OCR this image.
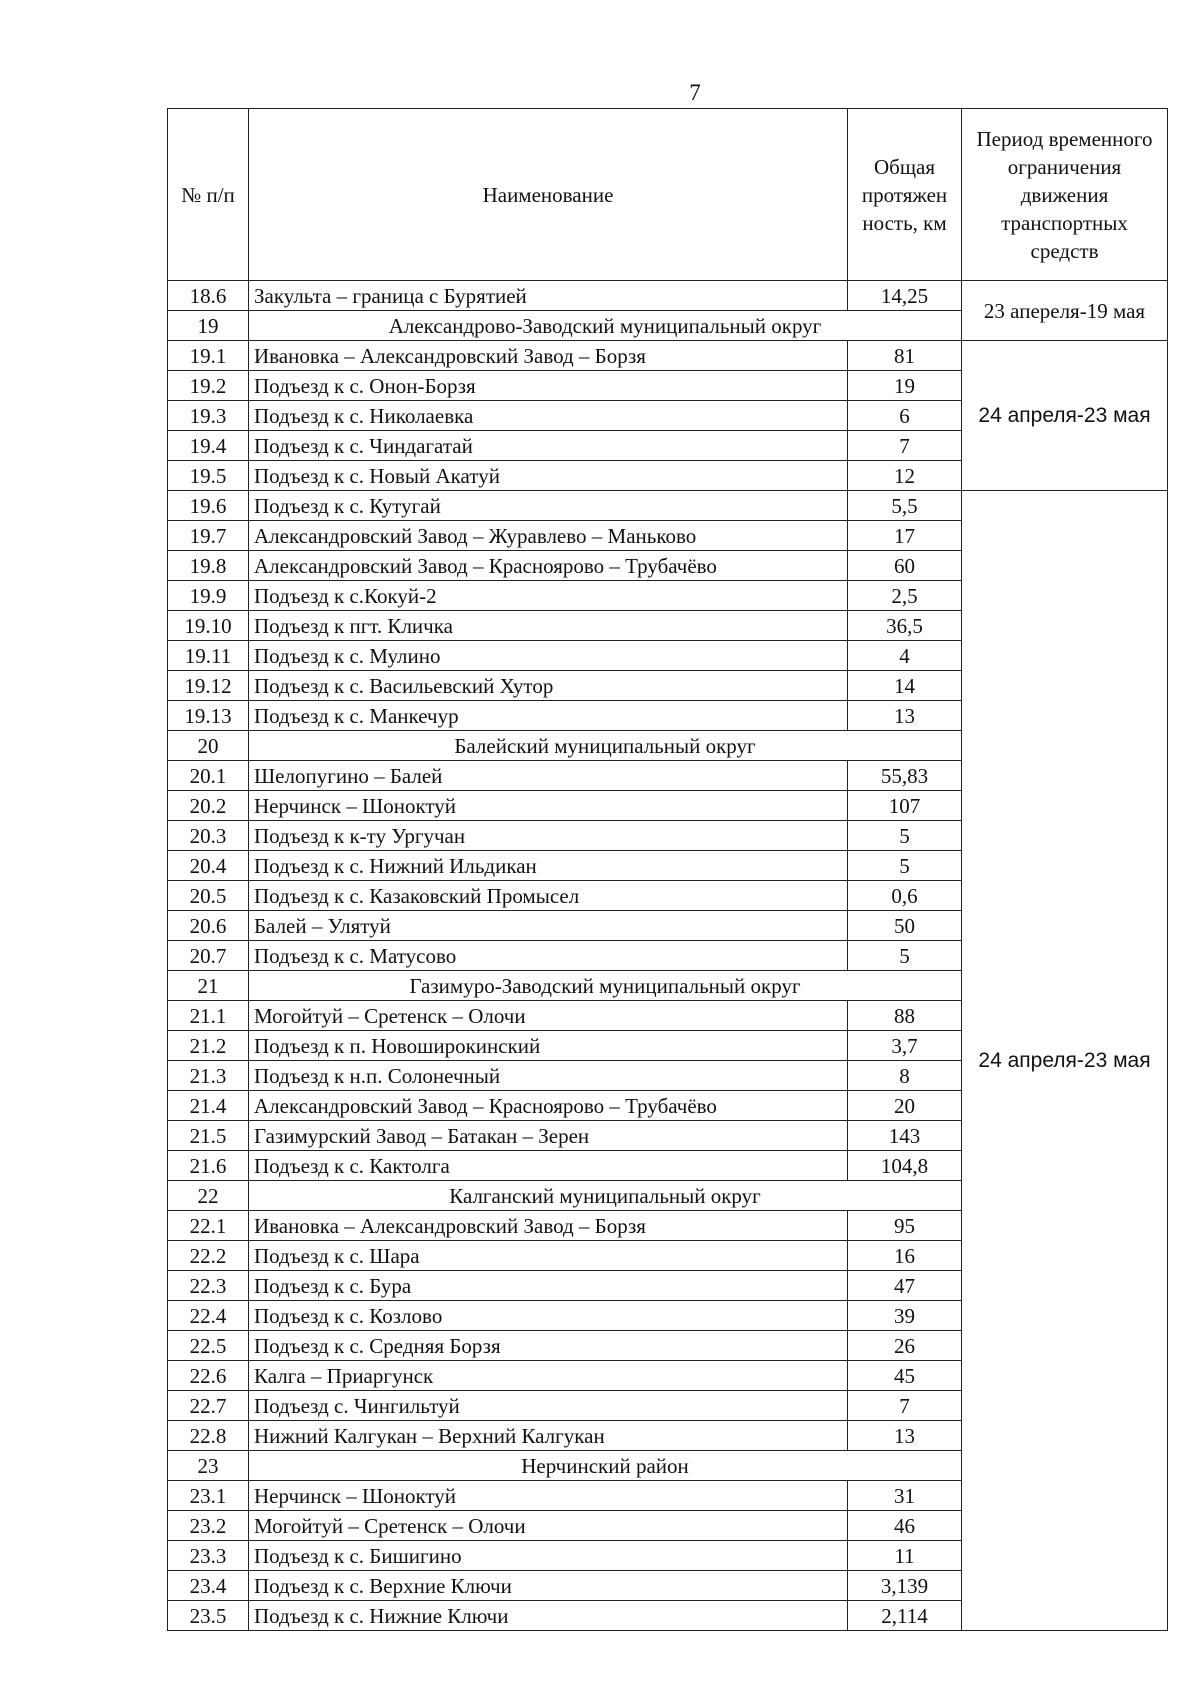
7
№ п/п	Наименование	Общая протяжен ность, км	Период временного ограничения движения транспортных средств
18.6	Закульта – граница с Бурятией	14,25	23 апереля-19 мая
19	Александрово-Заводский муниципальный округ		
19.1	Ивановка – Александровский Завод – Борзя	81	24 апреля-23 мая
19.2	Подъезд к с. Онон-Борзя	19	
19.3	Подъезд к с. Николаевка	6	
19.4	Подъезд к с. Чиндагатай	7	
19.5	Подъезд к с. Новый Акатуй	12	
19.6	Подъезд к с. Кутугай	5,5	24 апреля-23 мая
19.7	Александровский Завод – Журавлево – Маньково	17	
19.8	Александровский Завод – Красноярово – Трубачёво	60	
19.9	Подъезд к с.Кокуй-2	2,5	
19.10	Подъезд к пгт. Кличка	36,5	
19.11	Подъезд к с. Мулино	4	
19.12	Подъезд к с. Васильевский Хутор	14	
19.13	Подъезд к с. Манкечур	13	
20	Балейский муниципальный округ		
20.1	Шелопугино – Балей	55,83	
20.2	Нерчинск – Шоноктуй	107	
20.3	Подъезд к к-ту Ургучан	5	
20.4	Подъезд к с. Нижний Ильдикан	5	
20.5	Подъезд к с. Казаковский Промысел	0,6	
20.6	Балей – Улятуй	50	
20.7	Подъезд к с. Матусово	5	
21	Газимуро-Заводский муниципальный округ		
21.1	Могойтуй – Сретенск – Олочи	88	
21.2	Подъезд к п. Новоширокинский	3,7	
21.3	Подъезд к н.п. Солонечный	8	
21.4	Александровский Завод – Красноярово – Трубачёво	20	
21.5	Газимурский Завод – Батакан – Зерен	143	
21.6	Подъезд к с. Кактолга	104,8	
22	Калганский муниципальный округ		
22.1	Ивановка – Александровский Завод – Борзя	95	
22.2	Подъезд к с. Шара	16	
22.3	Подъезд к с. Бура	47	
22.4	Подъезд к с. Козлово	39	
22.5	Подъезд к с. Средняя Борзя	26	
22.6	Калга – Приаргунск	45	
22.7	Подъезд с. Чингильтуй	7	
22.8	Нижний Калгукан – Верхний Калгукан	13	
23	Нерчинский район		
23.1	Нерчинск – Шоноктуй	31	
23.2	Могойтуй – Сретенск – Олочи	46	
23.3	Подъезд к с. Бишигино	11	
23.4	Подъезд к с. Верхние Ключи	3,139	
23.5	Подъезд к с. Нижние Ключи	2,114	
